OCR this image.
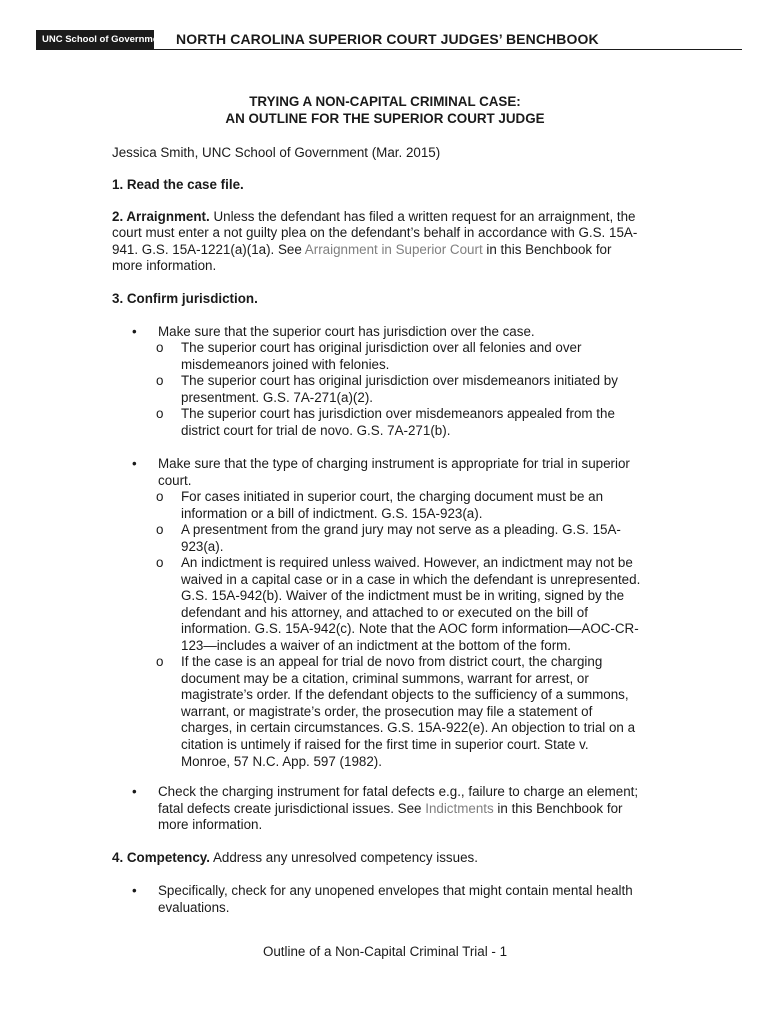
UNC School of Government NORTH CAROLINA SUPERIOR COURT JUDGES’ BENCHBOOK
TRYING A NON-CAPITAL CRIMINAL CASE:
AN OUTLINE FOR THE SUPERIOR COURT JUDGE
Jessica Smith, UNC School of Government (Mar. 2015)
1. Read the case file.
2. Arraignment. Unless the defendant has filed a written request for an arraignment, the
court must enter a not guilty plea on the defendant’s behalf in accordance with G.S. 15A-
941. G.S. 15A-1221(a)(1a). See Arraignment in Superior Court in this Benchbook for
more information.
3. Confirm jurisdiction.
• Make sure that the superior court has jurisdiction over the case.
o The superior court has original jurisdiction over all felonies and over
misdemeanors joined with felonies.
o The superior court has original jurisdiction over misdemeanors initiated by
presentment. G.S. 7A-271(a)(2).
o The superior court has jurisdiction over misdemeanors appealed from the
district court for trial de novo. G.S. 7A-271(b).
• Make sure that the type of charging instrument is appropriate for trial in superior
court.
o For cases initiated in superior court, the charging document must be an
information or a bill of indictment. G.S. 15A-923(a).
o A presentment from the grand jury may not serve as a pleading. G.S. 15A-
923(a).
o An indictment is required unless waived. However, an indictment may not be
waived in a capital case or in a case in which the defendant is unrepresented.
G.S. 15A-942(b). Waiver of the indictment must be in writing, signed by the
defendant and his attorney, and attached to or executed on the bill of
information. G.S. 15A-942(c). Note that the AOC form information—AOC-CR-
123—includes a waiver of an indictment at the bottom of the form.
o If the case is an appeal for trial de novo from district court, the charging
document may be a citation, criminal summons, warrant for arrest, or
magistrate’s order. If the defendant objects to the sufficiency of a summons,
warrant, or magistrate’s order, the prosecution may file a statement of
charges, in certain circumstances. G.S. 15A-922(e). An objection to trial on a
citation is untimely if raised for the first time in superior court. State v.
Monroe, 57 N.C. App. 597 (1982).
• Check the charging instrument for fatal defects e.g., failure to charge an element;
fatal defects create jurisdictional issues. See Indictments in this Benchbook for
more information.
4. Competency. Address any unresolved competency issues.
• Specifically, check for any unopened envelopes that might contain mental health
evaluations.
Outline of a Non-Capital Criminal Trial - 1
